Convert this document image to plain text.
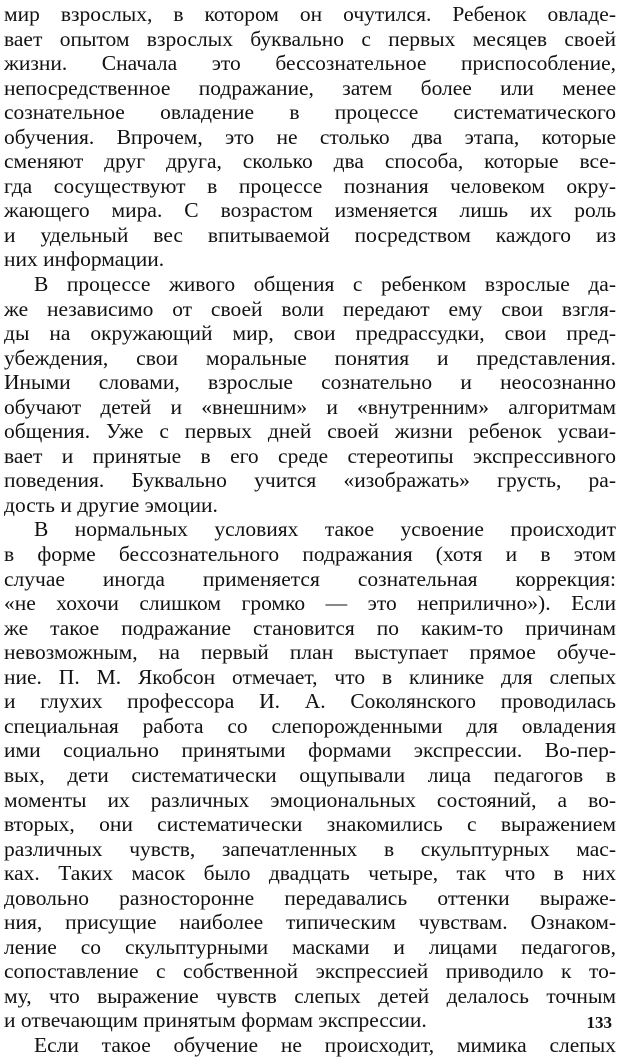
мир взрослых, в котором он очутился. Ребенок овладе-
вает опытом взрослых буквально с первых месяцев своей
жизни. Сначала это бессознательное приспособление,
непосредственное подражание, затем более или менее
сознательное овладение в процессе систематического
обучения. Впрочем, это не столько два этапа, которые
сменяют друг друга, сколько два способа, которые все-
гда сосуществуют в процессе познания человеком окру-
жающего мира. С возрастом изменяется лишь их роль
и удельный вес впитываемой посредством каждого из
них информации.
В процессе живого общения с ребенком взрослые да-
же независимо от своей воли передают ему свои взгля-
ды на окружающий мир, свои предрассудки, свои пред-
убеждения, свои моральные понятия и представления.
Иными словами, взрослые сознательно и неосознанно
обучают детей и «внешним» и «внутренним» алгоритмам
общения. Уже с первых дней своей жизни ребенок усваи-
вает и принятые в его среде стереотипы экспрессивного
поведения. Буквально учится «изображать» грусть, ра-
дость и другие эмоции.
В нормальных условиях такое усвоение происходит
в форме бессознательного подражания (хотя и в этом
случае иногда применяется сознательная коррекция:
«не хохочи слишком громко — это неприлично»). Если
же такое подражание становится по каким-то причинам
невозможным, на первый план выступает прямое обуче-
ние. П. М. Якобсон отмечает, что в клинике для слепых
и глухих профессора И. А. Соколянского проводилась
специальная работа со слепорожденными для овладения
ими социально принятыми формами экспрессии. Во-пер-
вых, дети систематически ощупывали лица педагогов в
моменты их различных эмоциональных состояний, а во-
вторых, они систематически знакомились с выражением
различных чувств, запечатленных в скульптурных мас-
ках. Таких масок было двадцать четыре, так что в них
довольно разносторонне передавались оттенки выраже-
ния, присущие наиболее типическим чувствам. Ознаком-
ление со скульптурными масками и лицами педагогов,
сопоставление с собственной экспрессией приводило к то-
му, что выражение чувств слепых детей делалось точным
и отвечающим принятым формам экспрессии.
Если такое обучение не происходит, мимика слепых
133
